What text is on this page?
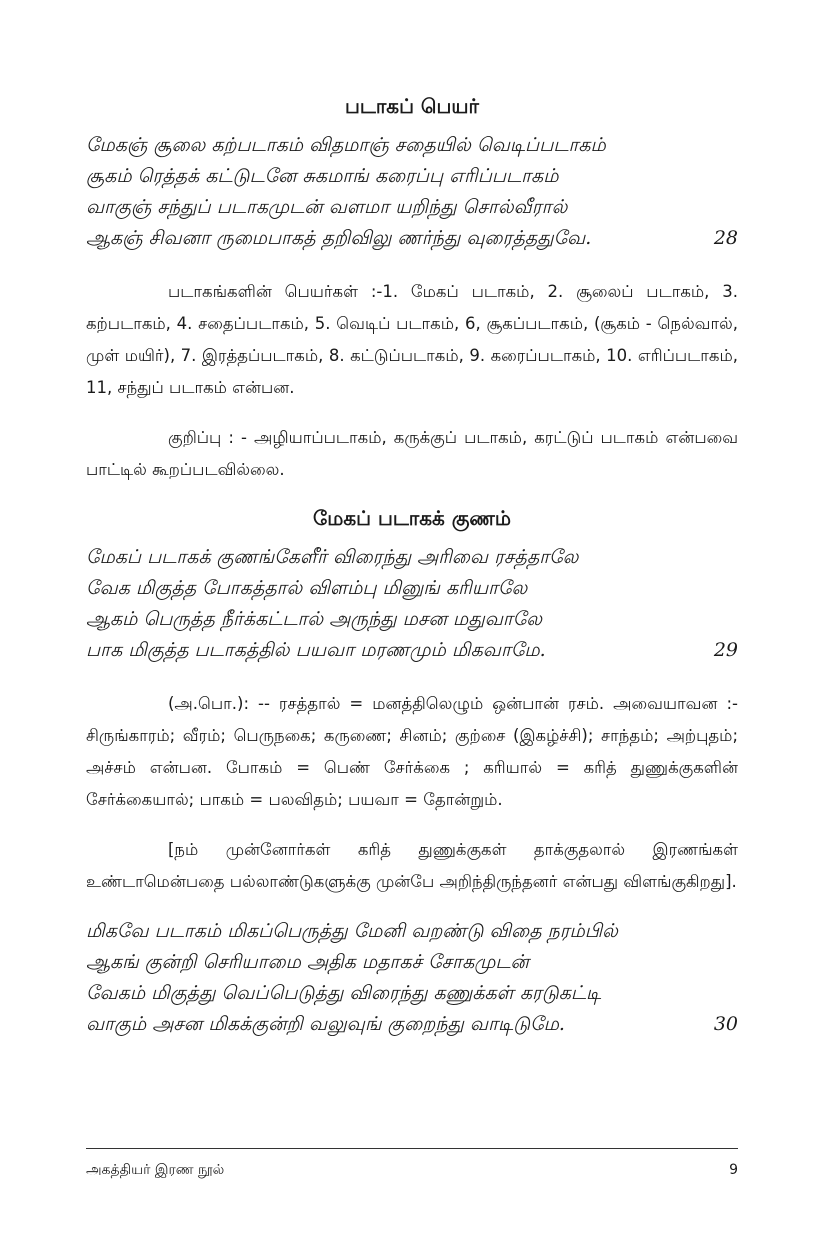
படாகப் பெயர்
மேகஞ் சூலை கற்படாகம் விதமாஞ் சதையில் வெடிப்படாகம்
சூகம் ரெத்தக் கட்டுடனே சுகமாங் கரைப்பு எரிப்படாகம்
வாகுஞ் சந்துப் படாகமுடன் வளமா யறிந்து சொல்வீரால்
ஆகஞ் சிவனா ருமைபாகத் தறிவிலு ணர்ந்து வுரைத்ததுவே.	28

படாகங்களின் பெயர்கள் :-1. மேகப் படாகம், 2. சூலைப் படாகம், 3. கற்படாகம், 4. சதைப்படாகம், 5. வெடிப் படாகம், 6, சூகப்படாகம், (சூகம் - நெல்வால், முள் மயிர்), 7. இரத்தப்படாகம், 8. கட்டுப்படாகம், 9. கரைப்படாகம், 10. எரிப்படாகம், 11, சந்துப் படாகம் என்பன.

குறிப்பு : - அழியாப்படாகம், கருக்குப் படாகம், கரட்டுப் படாகம் என்பவை பாட்டில் கூறப்படவில்லை.

மேகப் படாகக் குணம்
மேகப் படாகக் குணங்கேளீர் விரைந்து அரிவை ரசத்தாலே
வேக மிகுத்த போகத்தால் விளம்பு மினுங் கரியாலே
ஆகம் பெருத்த நீர்க்கட்டால் அருந்து மசன மதுவாலே
பாக மிகுத்த படாகத்தில் பயவா மரணமும் மிகவாமே.	29

(அ.பொ.): -- ரசத்தால் = மனத்திலெழும் ஒன்பான் ரசம். அவையாவன :- சிருங்காரம்; வீரம்; பெருநகை; கருணை; சினம்; குற்சை (இகழ்ச்சி); சாந்தம்; அற்புதம்; அச்சம் என்பன. போகம் = பெண் சேர்க்கை ; கரியால் = கரித் துணுக்குகளின் சேர்க்கையால்; பாகம் = பலவிதம்; பயவா = தோன்றும்.

[நம் முன்னோர்கள் கரித் துணுக்குகள் தாக்குதலால் இரணங்கள் உண்டாமென்பதை பல்லாண்டுகளுக்கு முன்பே அறிந்திருந்தனர் என்பது விளங்குகிறது].

மிகவே படாகம் மிகப்பெருத்து மேனி வறண்டு விதை நரம்பில்
ஆகங் குன்றி செரியாமை அதிக மதாகச் சோகமுடன்
வேகம் மிகுத்து வெப்பெடுத்து விரைந்து கணுக்கள் கரடுகட்டி
வாகும் அசன மிகக்குன்றி வலுவுங் குறைந்து வாடிடுமே.	30
அகத்தியர் இரண நூல்	9
